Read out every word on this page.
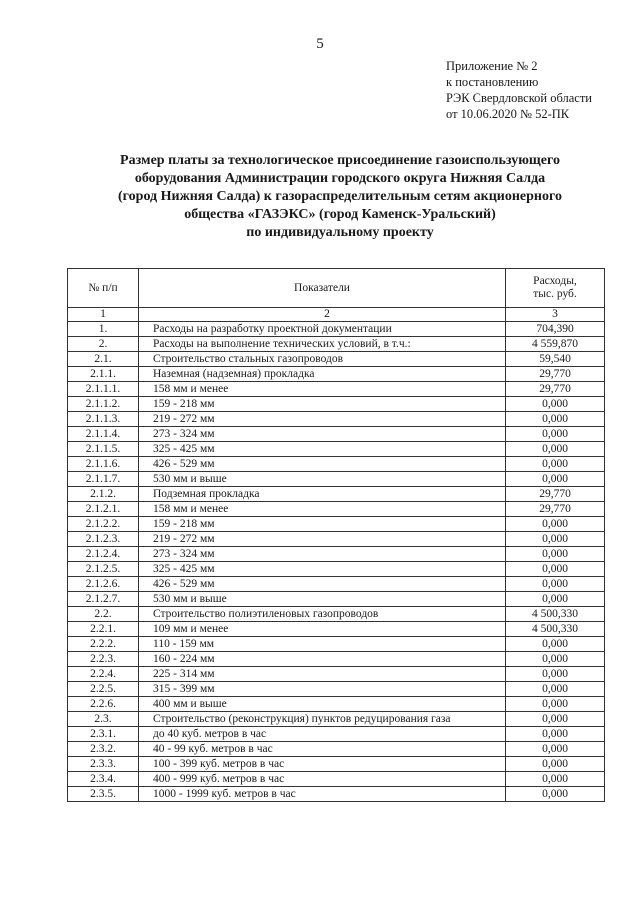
5
Приложение № 2
к постановлению
РЭК Свердловской области
от 10.06.2020 № 52-ПК
Размер платы за технологическое присоединение газоиспользующего
оборудования Администрации городского округа Нижняя Салда
(город Нижняя Салда) к газораспределительным сетям акционерного
общества «ГАЗЭКС» (город Каменск-Уральский)
по индивидуальному проекту
№ п/п	Показатели	Расходы,
тыс. руб.

1	2	3
1.	Расходы на разработку проектной документации	704,390
2.	Расходы на выполнение технических условий, в т.ч.:	4 559,870
2.1.	Строительство стальных газопроводов	59,540
2.1.1.	Наземная (надземная) прокладка	29,770
2.1.1.1.	158 мм и менее	29,770
2.1.1.2.	159 - 218 мм	0,000
2.1.1.3.	219 - 272 мм	0,000
2.1.1.4.	273 - 324 мм	0,000
2.1.1.5.	325 - 425 мм	0,000
2.1.1.6.	426 - 529 мм	0,000
2.1.1.7.	530 мм и выше	0,000
2.1.2.	Подземная прокладка	29,770
2.1.2.1.	158 мм и менее	29,770
2.1.2.2.	159 - 218 мм	0,000
2.1.2.3.	219 - 272 мм	0,000
2.1.2.4.	273 - 324 мм	0,000
2.1.2.5.	325 - 425 мм	0,000
2.1.2.6.	426 - 529 мм	0,000
2.1.2.7.	530 мм и выше	0,000
2.2.	Строительство полиэтиленовых газопроводов	4 500,330
2.2.1.	109 мм и менее	4 500,330
2.2.2.	110 - 159 мм	0,000
2.2.3.	160 - 224 мм	0,000
2.2.4.	225 - 314 мм	0,000
2.2.5.	315 - 399 мм	0,000
2.2.6.	400 мм и выше	0,000
2.3.	Строительство (реконструкция) пунктов редуцирования газа	0,000
2.3.1.	до 40 куб. метров в час	0,000
2.3.2.	40 - 99 куб. метров в час	0,000
2.3.3.	100 - 399 куб. метров в час	0,000
2.3.4.	400 - 999 куб. метров в час	0,000
2.3.5.	1000 - 1999 куб. метров в час	0,000
